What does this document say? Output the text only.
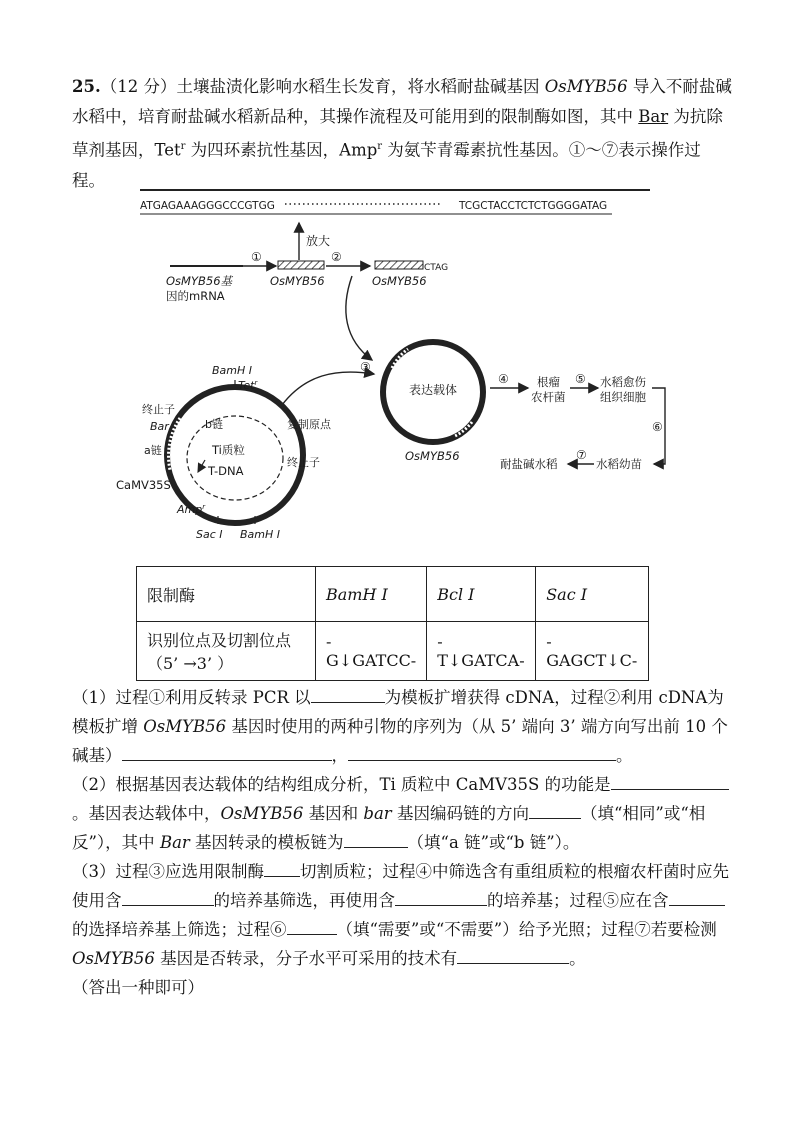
25.（12 分）土壤盐渍化影响水稻生长发育，将水稻耐盐碱基因 OsMYB56 导入不耐盐碱水稻中，培育耐盐碱水稻新品种，其操作流程及可能用到的限制酶如图，其中 Bar 为抗除草剂基因，Tet$^r$ 为四环素抗性基因，Amp$^r$ 为氨苄青霉素抗性基因。①～⑦表示操作过程。
ATGAGAAAGGGCCCGTGG	TCGCTACCTCTCTGGGGATAG
放大
①	②
CTAG
OsMYB56基
因的mRNA
OsMYB56	OsMYB56
③
表达载体
OsMYB56
④ 根瘤
农杆菌
⑤ 水稻愈伤
组织细胞
⑥
水稻幼苗
⑦
耐盐碱水稻
BamH I
Tet$^r$
终止子
Bar	b链
a链	Ti质粒
T-DNA
复制原点
终止子
CaMV35S
Amp$^r$
Sac I BamH I
限制酶	BamH I	Bcl I	Sac I

识别位点及切割位点
（5’ →3’ ）	-G↓GATCC-	-T↓GATCA-	-GAGCT↓C-
（1）过程①利用反转录 PCR 以	为模板扩增获得 cDNA，过程②利用 cDNA为模板扩增 OsMYB56 基因时使用的两种引物的序列为（从 5’ 端向 3’ 端方向写出前 10 个碱基）	，	。
（2）根据基因表达载体的结构组成分析，Ti 质粒中 CaMV35S 的功能是。基因表达载体中，OsMYB56 基因和 bar 基因编码链的方向	（填“相同”或“相反”），其中 Bar 基因转录的模板链为	（填“a 链”或“b 链”）。
（3）过程③应选用限制酶 切割质粒；过程④中筛选含有重组质粒的根瘤农杆菌时应先使用含	的培养基筛选，再使用含	的培养基；过程⑤应在含的选择培养基上筛选；过程⑥	（填“需要”或“不需要”）给予光照；过程⑦若要检测 OsMYB56 基因是否转录，分子水平可采用的技术有	。
（答出一种即可）
